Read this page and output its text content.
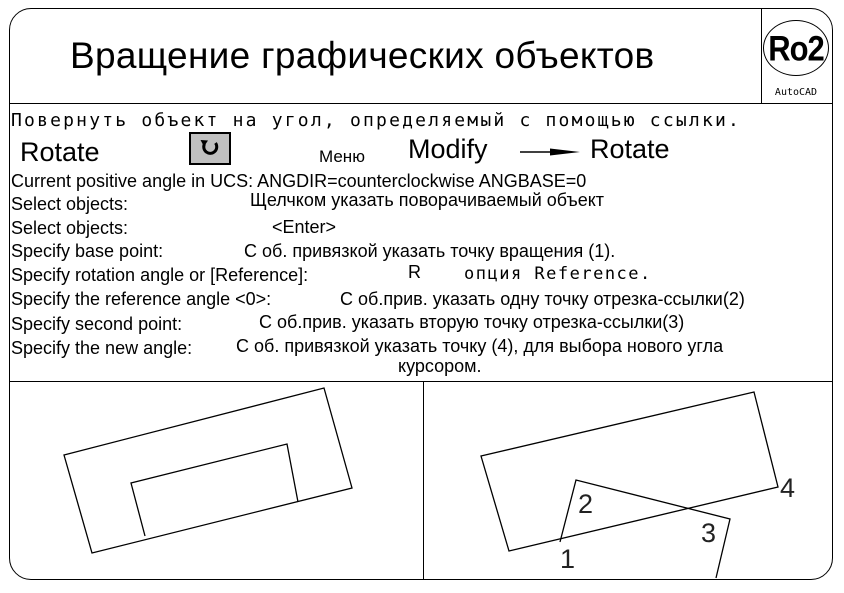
Вращение графических объектов	Ro2
AutoCAD
Повернуть объект на угол, определяемый с помощью ссылки.
Rotate	Меню Modify	Rotate
Current positive angle in UCS: ANGDIR=counterclockwise ANGBASE=0
Select objects:	Щелчком указать поворачиваемый объект
Select objects:	<Enter>
Specify base point:	С об. привязкой указать точку вращения (1).
Specify rotation angle or [Reference]:	R	опция Reference.
Specify the reference angle <0>:	С об.прив. указать одну точку отрезка-ссылки(2)
Specify second point:	С об.прив. указать вторую точку отрезка-ссылки(3)
Specify the new angle: С об. привязкой указать точку (4), для выбора нового угла
курсором.
1
2
3
4
